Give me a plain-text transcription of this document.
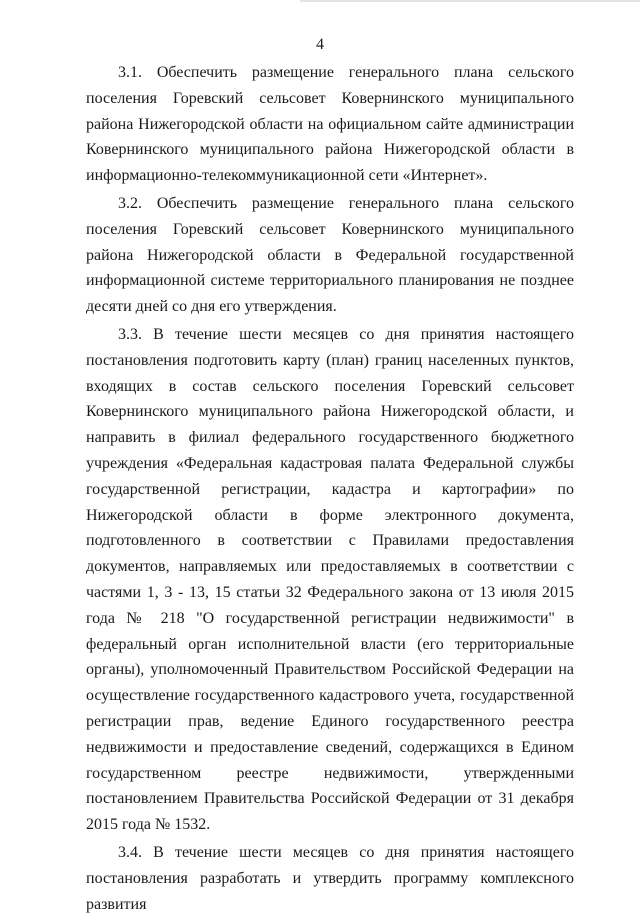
4

3.1. Обеспечить размещение генерального плана сельского поселения Горевский сельсовет Ковернинского муниципального района Нижегородской области на официальном сайте администрации Ковернинского муниципального района Нижегородской области в информационно-телекоммуникационной сети «Интернет».

3.2. Обеспечить размещение генерального плана сельского поселения Горевский сельсовет Ковернинского муниципального района Нижегородской области в Федеральной государственной информационной системе территориального планирования не позднее десяти дней со дня его утверждения.

3.3. В течение шести месяцев со дня принятия настоящего постановления подготовить карту (план) границ населенных пунктов, входящих в состав сельского поселения Горевский сельсовет Ковернинского муниципального района Нижегородской области, и направить в филиал федерального государственного бюджетного учреждения «Федеральная кадастровая палата Федеральной службы государственной регистрации, кадастра и картографии» по Нижегородской области в форме электронного документа, подготовленного в соответствии с Правилами предоставления документов, направляемых или предоставляемых в соответствии с частями 1, 3 - 13, 15 статьи 32 Федерального закона от 13 июля 2015 года № 218 "О государственной регистрации недвижимости" в федеральный орган исполнительной власти (его территориальные органы), уполномоченный Правительством Российской Федерации на осуществление государственного кадастрового учета, государственной регистрации прав, ведение Единого государственного реестра недвижимости и предоставление сведений, содержащихся в Едином государственном реестре недвижимости, утвержденными постановлением Правительства Российской Федерации от 31 декабря 2015 года № 1532.

3.4. В течение шести месяцев со дня принятия настоящего постановления разработать и утвердить программу комплексного развития
